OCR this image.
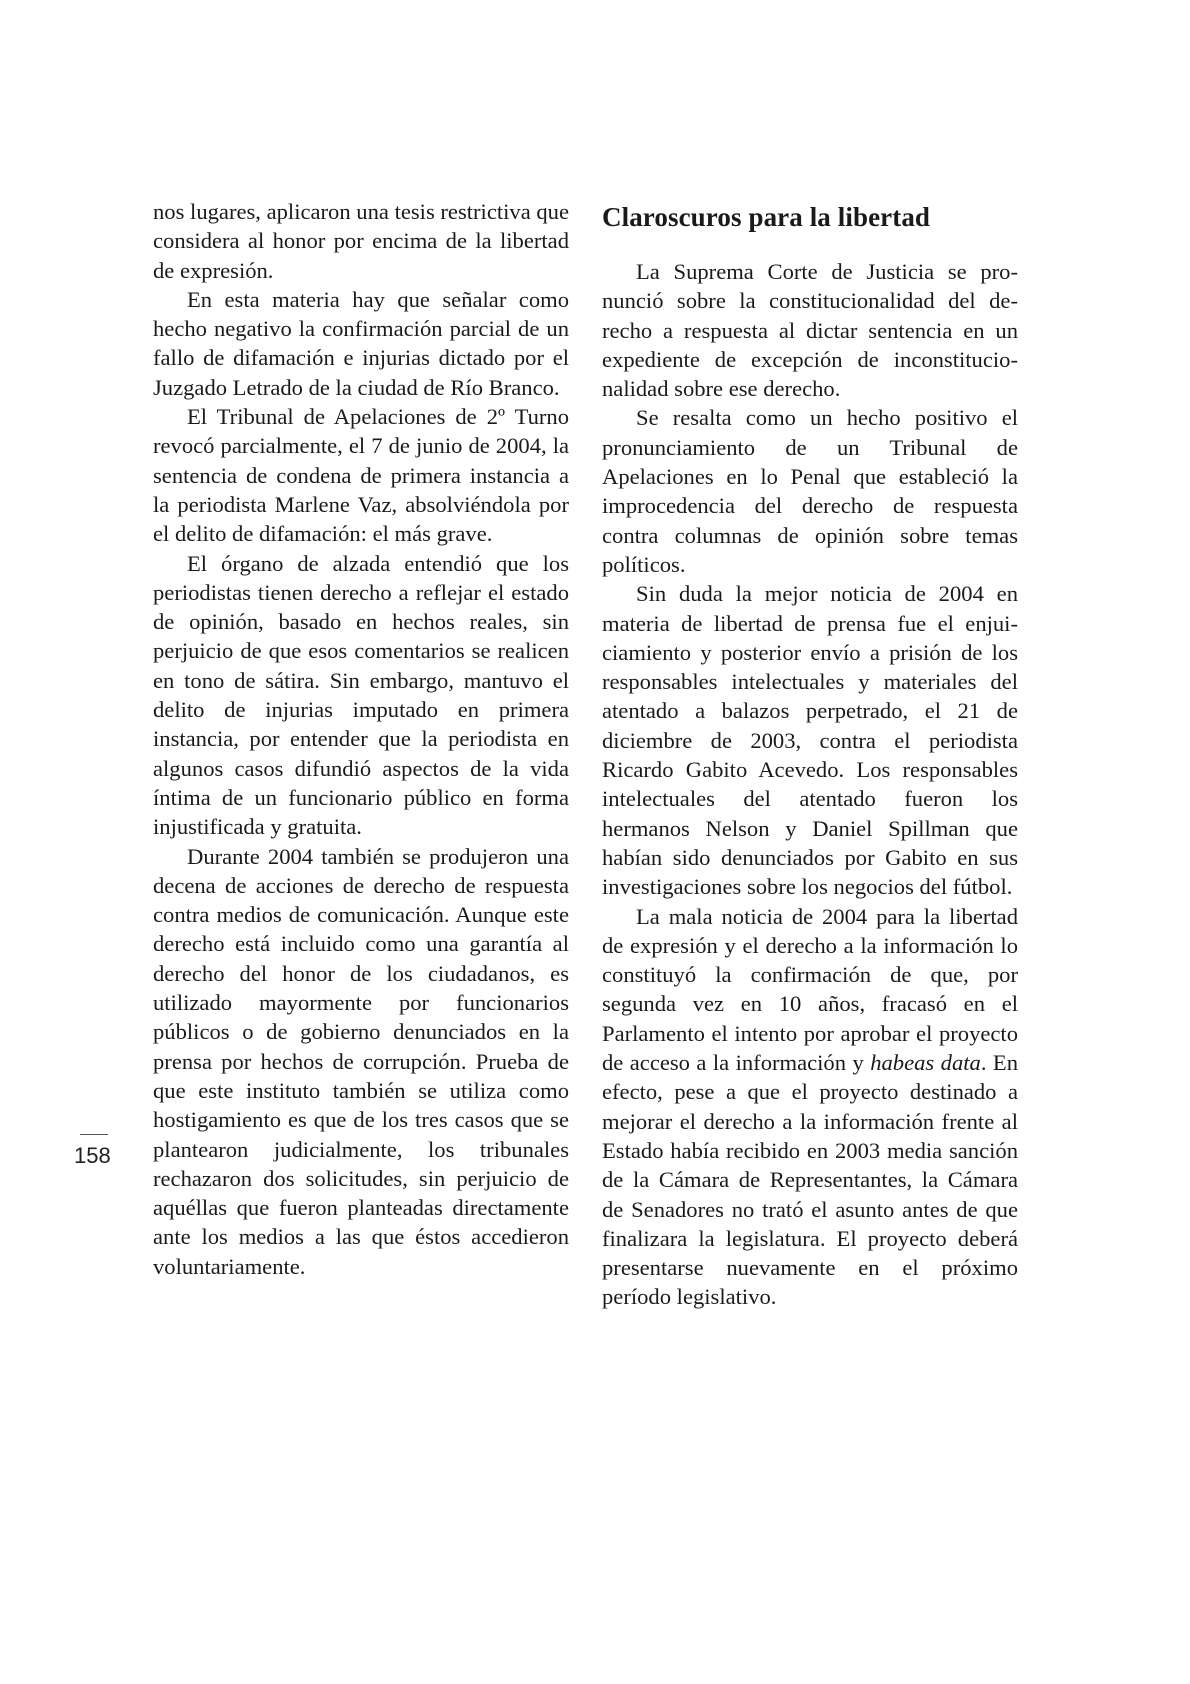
158

nos lugares, aplicaron una tesis restrictiva que considera al honor por encima de la libertad de expresión.

En esta materia hay que señalar como hecho negativo la confirmación parcial de un fallo de difamación e injurias dictado por el Juzgado Letrado de la ciudad de Río Branco.

El Tribunal de Apelaciones de 2º Turno revocó parcialmente, el 7 de junio de 2004, la sentencia de condena de primera instancia a la periodista Marlene Vaz, absolviéndola por el delito de difamación: el más grave.

El órgano de alzada entendió que los periodistas tienen derecho a reflejar el estado de opinión, basado en hechos reales, sin perjuicio de que esos comentarios se realicen en tono de sátira. Sin embargo, mantuvo el delito de injurias imputado en primera instancia, por entender que la periodista en algunos casos difundió aspectos de la vida íntima de un funcionario público en forma injustificada y gratuita.

Durante 2004 también se produjeron una decena de acciones de derecho de respuesta contra medios de comunicación. Aunque este derecho está incluido como una garantía al derecho del honor de los ciudadanos, es utilizado mayormente por funcionarios públicos o de gobierno denunciados en la prensa por hechos de corrupción. Prueba de que este instituto también se utiliza como hostigamiento es que de los tres casos que se plantearon judicialmente, los tribunales rechazaron dos solicitudes, sin perjuicio de aquéllas que fueron planteadas directamente ante los medios a las que éstos accedieron voluntariamente.

Claroscuros para la libertad

La Suprema Corte de Justicia se pronunció sobre la constitucionalidad del derecho a respuesta al dictar sentencia en un expediente de excepción de inconstitucionalidad sobre ese derecho.

Se resalta como un hecho positivo el pronunciamiento de un Tribunal de Apelaciones en lo Penal que estableció la improcedencia del derecho de respuesta contra columnas de opinión sobre temas políticos.

Sin duda la mejor noticia de 2004 en materia de libertad de prensa fue el enjuiciamiento y posterior envío a prisión de los responsables intelectuales y materiales del atentado a balazos perpetrado, el 21 de diciembre de 2003, contra el periodista Ricardo Gabito Acevedo. Los responsables intelectuales del atentado fueron los hermanos Nelson y Daniel Spillman que habían sido denunciados por Gabito en sus investigaciones sobre los negocios del fútbol.

La mala noticia de 2004 para la libertad de expresión y el derecho a la información lo constituyó la confirmación de que, por segunda vez en 10 años, fracasó en el Parlamento el intento por aprobar el proyecto de acceso a la información y habeas data. En efecto, pese a que el proyecto destinado a mejorar el derecho a la información frente al Estado había recibido en 2003 media sanción de la Cámara de Representantes, la Cámara de Senadores no trató el asunto antes de que finalizara la legislatura. El proyecto deberá presentarse nuevamente en el próximo período legislativo.
